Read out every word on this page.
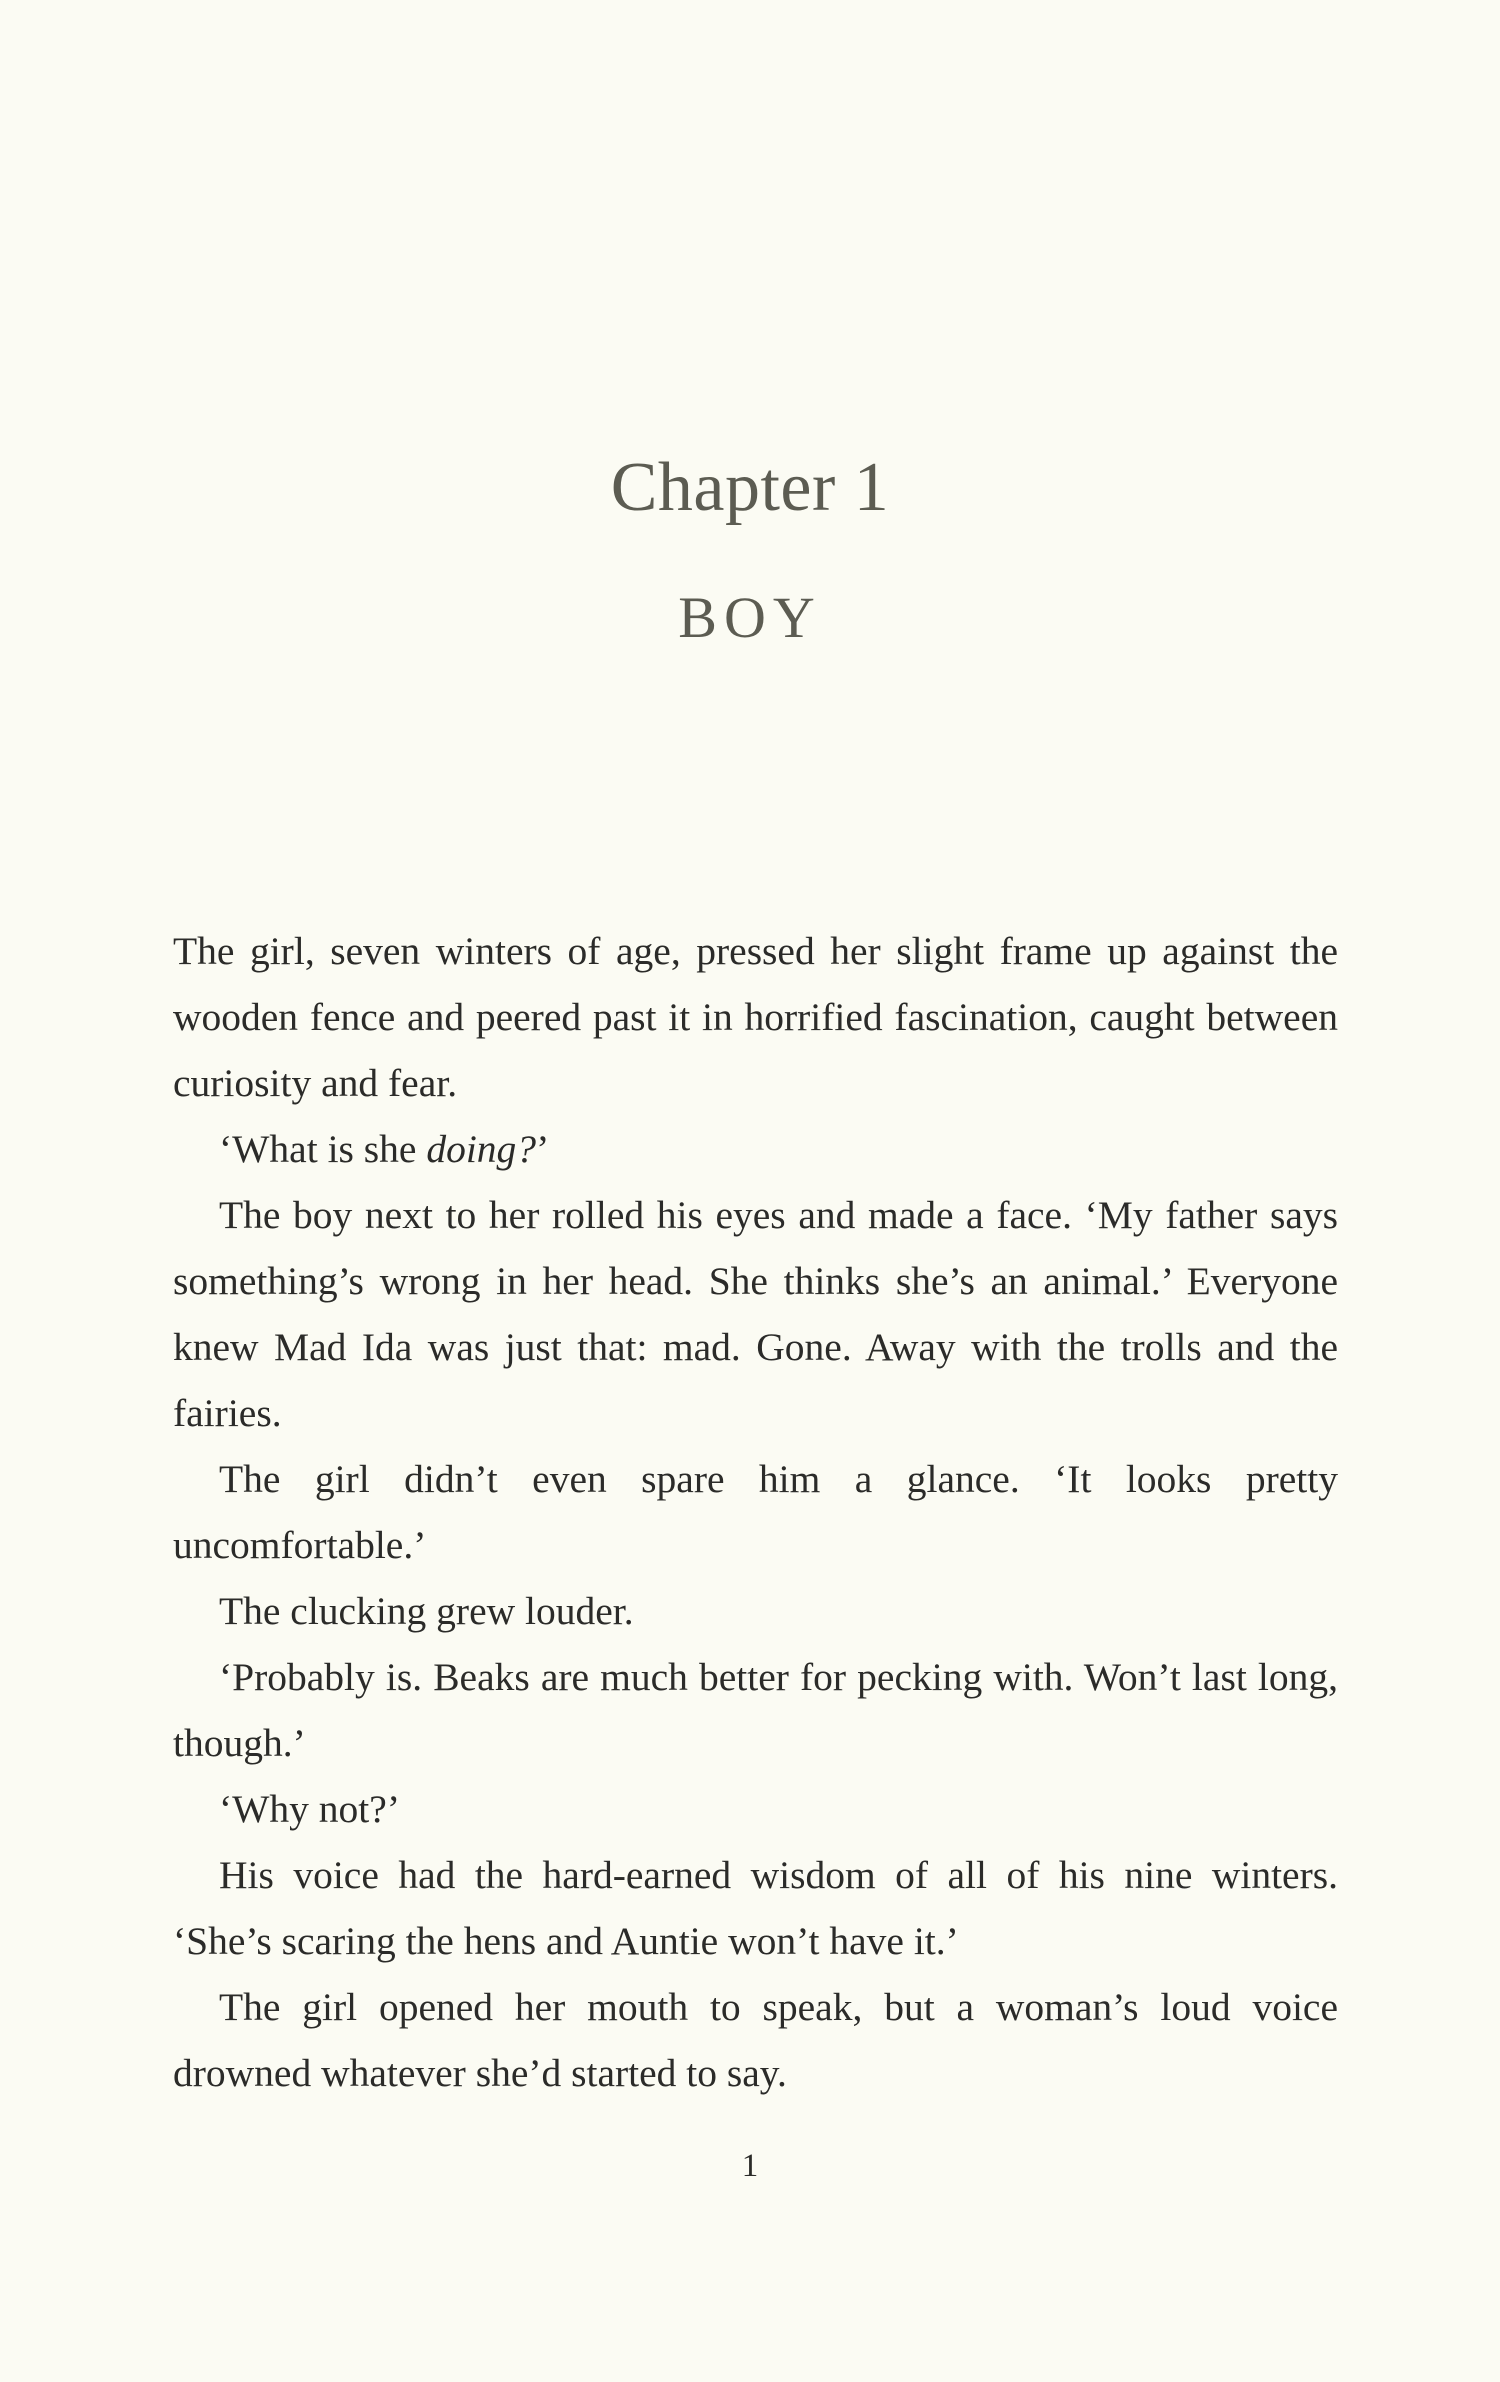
Chapter 1
BOY

The girl, seven winters of age, pressed her slight frame up against the wooden fence and peered past it in horrified fascination, caught between curiosity and fear.

‘What is she doing?’

The boy next to her rolled his eyes and made a face. ‘My father says something’s wrong in her head. She thinks she’s an animal.’ Everyone knew Mad Ida was just that: mad. Gone. Away with the trolls and the fairies.

The girl didn’t even spare him a glance. ‘It looks pretty uncomfortable.’

The clucking grew louder.

‘Probably is. Beaks are much better for pecking with. Won’t last long, though.’

‘Why not?’

His voice had the hard-earned wisdom of all of his nine winters. ‘She’s scaring the hens and Auntie won’t have it.’

The girl opened her mouth to speak, but a woman’s loud voice drowned whatever she’d started to say.

1
